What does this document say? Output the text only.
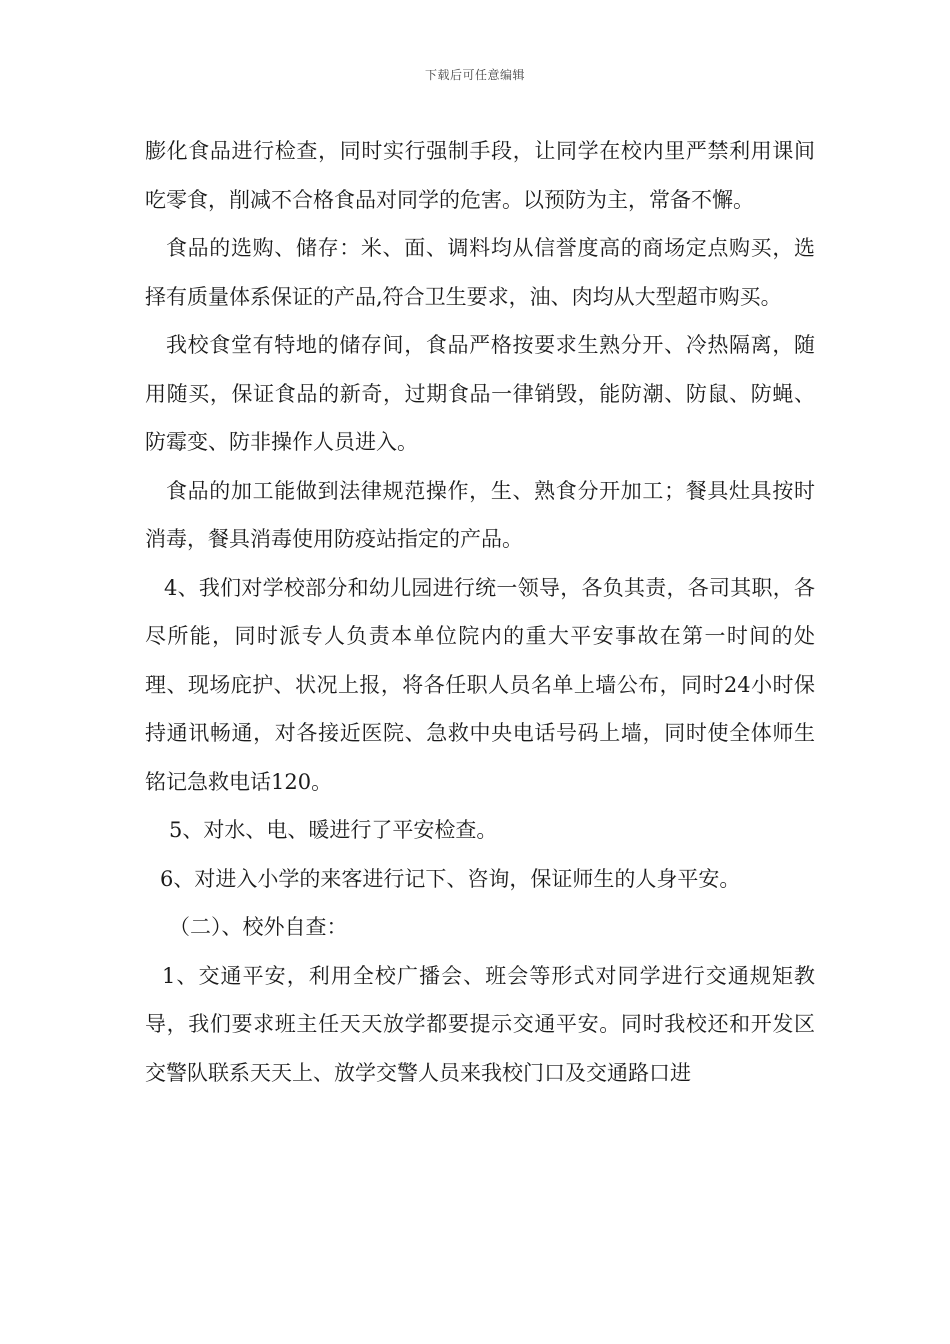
下载后可任意编辑

膨化食品进行检查，同时实行强制手段，让同学在校内里严禁利用课间吃零食，削减不合格食品对同学的危害。以预防为主，常备不懈。

食品的选购、储存：米、面、调料均从信誉度高的商场定点购买，选择有质量体系保证的产品,符合卫生要求，油、肉均从大型超市购买。

我校食堂有特地的储存间，食品严格按要求生熟分开、冷热隔离，随用随买，保证食品的新奇，过期食品一律销毁，能防潮、防鼠、防蝇、防霉变、防非操作人员进入。

食品的加工能做到法律规范操作，生、熟食分开加工；餐具灶具按时消毒，餐具消毒使用防疫站指定的产品。

4、我们对学校部分和幼儿园进行统一领导，各负其责，各司其职，各尽所能，同时派专人负责本单位院内的重大平安事故在第一时间的处理、现场庇护、状况上报，将各任职人员名单上墙公布，同时24小时保持通讯畅通，对各接近医院、急救中央电话号码上墙，同时使全体师生铭记急救电话120。

5、对水、电、暖进行了平安检查。

6、对进入小学的来客进行记下、咨询，保证师生的人身平安。

（二）、校外自查：

1、交通平安，利用全校广播会、班会等形式对同学进行交通规矩教导，我们要求班主任天天放学都要提示交通平安。同时我校还和开发区交警队联系天天上、放学交警人员来我校门口及交通路口进
